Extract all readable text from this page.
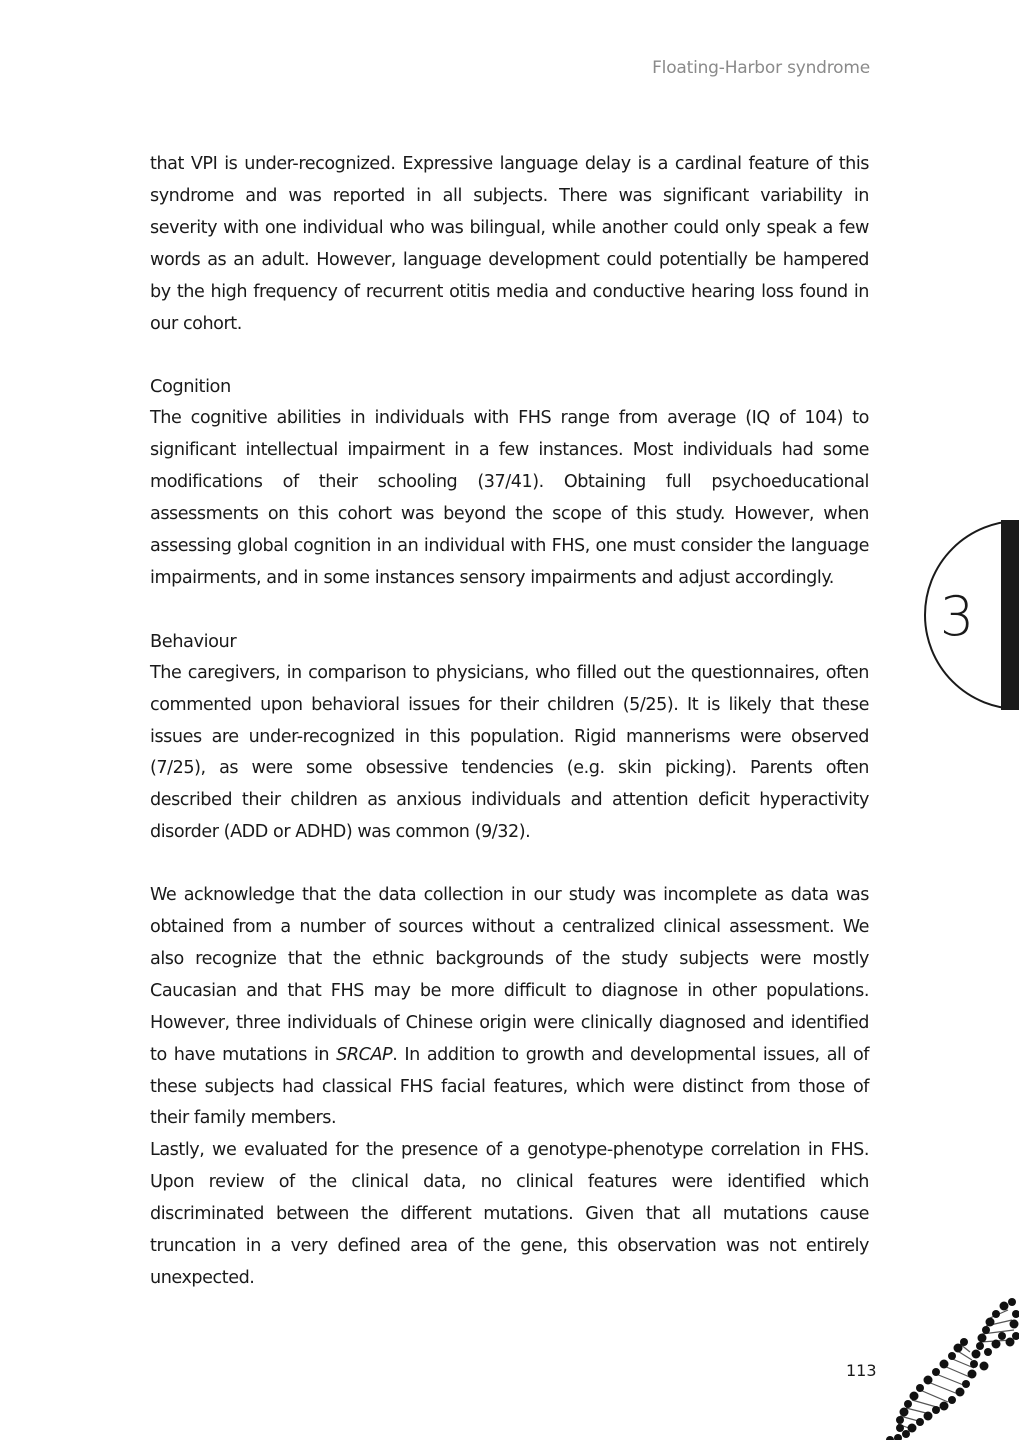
Floating-Harbor syndrome

that VPI is under-recognized. Expressive language delay is a cardinal feature of this syndrome and was reported in all subjects. There was significant variability in severity with one individual who was bilingual, while another could only speak a few words as an adult. However, language development could potentially be hampered by the high frequency of recurrent otitis media and conductive hearing loss found in our cohort.

Cognition

The cognitive abilities in individuals with FHS range from average (IQ of 104) to significant intellectual impairment in a few instances. Most individuals had some modifications of their schooling (37/41). Obtaining full psychoeducational assessments on this cohort was beyond the scope of this study. However, when assessing global cognition in an individual with FHS, one must consider the language impairments, and in some instances sensory impairments and adjust accordingly.

Behaviour

The caregivers, in comparison to physicians, who filled out the questionnaires, often commented upon behavioral issues for their children (5/25). It is likely that these issues are under-recognized in this population. Rigid mannerisms were observed (7/25), as were some obsessive tendencies (e.g. skin picking). Parents often described their children as anxious individuals and attention deficit hyperactivity disorder (ADD or ADHD) was common (9/32).

We acknowledge that the data collection in our study was incomplete as data was obtained from a number of sources without a centralized clinical assessment. We also recognize that the ethnic backgrounds of the study subjects were mostly Caucasian and that FHS may be more difficult to diagnose in other populations. However, three individuals of Chinese origin were clinically diagnosed and identified to have mutations in SRCAP. In addition to growth and developmental issues, all of these subjects had classical FHS facial features, which were distinct from those of their family members.

Lastly, we evaluated for the presence of a genotype-phenotype correlation in FHS. Upon review of the clinical data, no clinical features were identified which discriminated between the different mutations. Given that all mutations cause truncation in a very defined area of the gene, this observation was not entirely unexpected.

3
113
